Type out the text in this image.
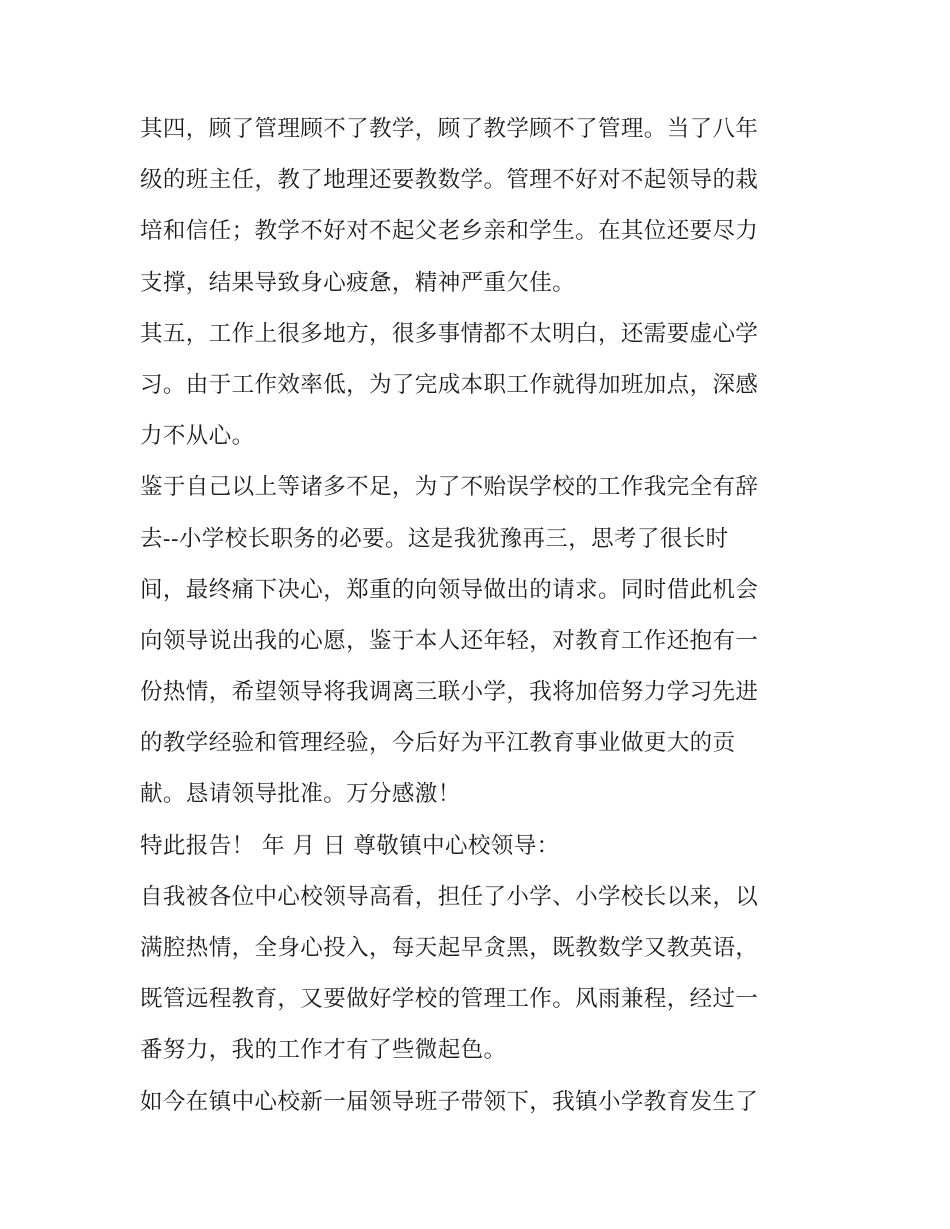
其四，顾了管理顾不了教学，顾了教学顾不了管理。当了八年
级的班主任，教了地理还要教数学。管理不好对不起领导的栽
培和信任；教学不好对不起父老乡亲和学生。在其位还要尽力
支撑，结果导致身心疲惫，精神严重欠佳。
其五，工作上很多地方，很多事情都不太明白，还需要虚心学
习。由于工作效率低，为了完成本职工作就得加班加点，深感
力不从心。
鉴于自己以上等诸多不足，为了不贻误学校的工作我完全有辞
去--小学校长职务的必要。这是我犹豫再三，思考了很长时
间，最终痛下决心，郑重的向领导做出的请求。同时借此机会
向领导说出我的心愿，鉴于本人还年轻，对教育工作还抱有一
份热情，希望领导将我调离三联小学，我将加倍努力学习先进
的教学经验和管理经验，今后好为平江教育事业做更大的贡
献。恳请领导批准。万分感激！
特此报告！ 年 月 日 尊敬镇中心校领导：
自我被各位中心校领导高看，担任了小学、小学校长以来，以
满腔热情，全身心投入，每天起早贪黑，既教数学又教英语，
既管远程教育，又要做好学校的管理工作。风雨兼程，经过一
番努力，我的工作才有了些微起色。
如今在镇中心校新一届领导班子带领下，我镇小学教育发生了
